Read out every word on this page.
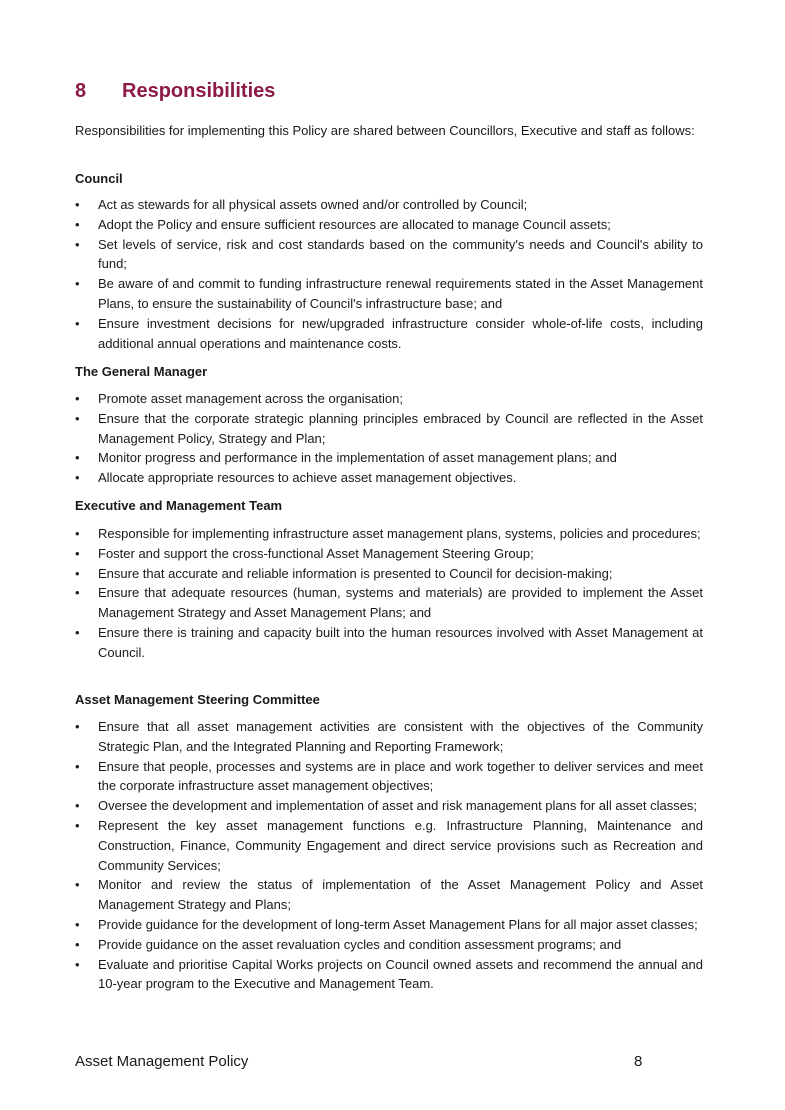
8 Responsibilities

Responsibilities for implementing this Policy are shared between Councillors, Executive and staff as follows:

Council
• Act as stewards for all physical assets owned and/or controlled by Council;
• Adopt the Policy and ensure sufficient resources are allocated to manage Council assets;
• Set levels of service, risk and cost standards based on the community's needs and Council's ability to fund;
• Be aware of and commit to funding infrastructure renewal requirements stated in the Asset Management Plans, to ensure the sustainability of Council's infrastructure base; and
• Ensure investment decisions for new/upgraded infrastructure consider whole-of-life costs, including additional annual operations and maintenance costs.
The General Manager
• Promote asset management across the organisation;
• Ensure that the corporate strategic planning principles embraced by Council are reflected in the Asset Management Policy, Strategy and Plan;
• Monitor progress and performance in the implementation of asset management plans; and
• Allocate appropriate resources to achieve asset management objectives.
Executive and Management Team
• Responsible for implementing infrastructure asset management plans, systems, policies and procedures;
• Foster and support the cross-functional Asset Management Steering Group;
• Ensure that accurate and reliable information is presented to Council for decision-making;
• Ensure that adequate resources (human, systems and materials) are provided to implement the Asset Management Strategy and Asset Management Plans; and
• Ensure there is training and capacity built into the human resources involved with Asset Management at Council.
Asset Management Steering Committee
• Ensure that all asset management activities are consistent with the objectives of the Community Strategic Plan, and the Integrated Planning and Reporting Framework;
• Ensure that people, processes and systems are in place and work together to deliver services and meet the corporate infrastructure asset management objectives;
• Oversee the development and implementation of asset and risk management plans for all asset classes;
• Represent the key asset management functions e.g. Infrastructure Planning, Maintenance and Construction, Finance, Community Engagement and direct service provisions such as Recreation and Community Services;
• Monitor and review the status of implementation of the Asset Management Policy and Asset Management Strategy and Plans;
• Provide guidance for the development of long-term Asset Management Plans for all major asset classes;
• Provide guidance on the asset revaluation cycles and condition assessment programs; and
• Evaluate and prioritise Capital Works projects on Council owned assets and recommend the annual and 10-year program to the Executive and Management Team.
Asset Management Policy	8
